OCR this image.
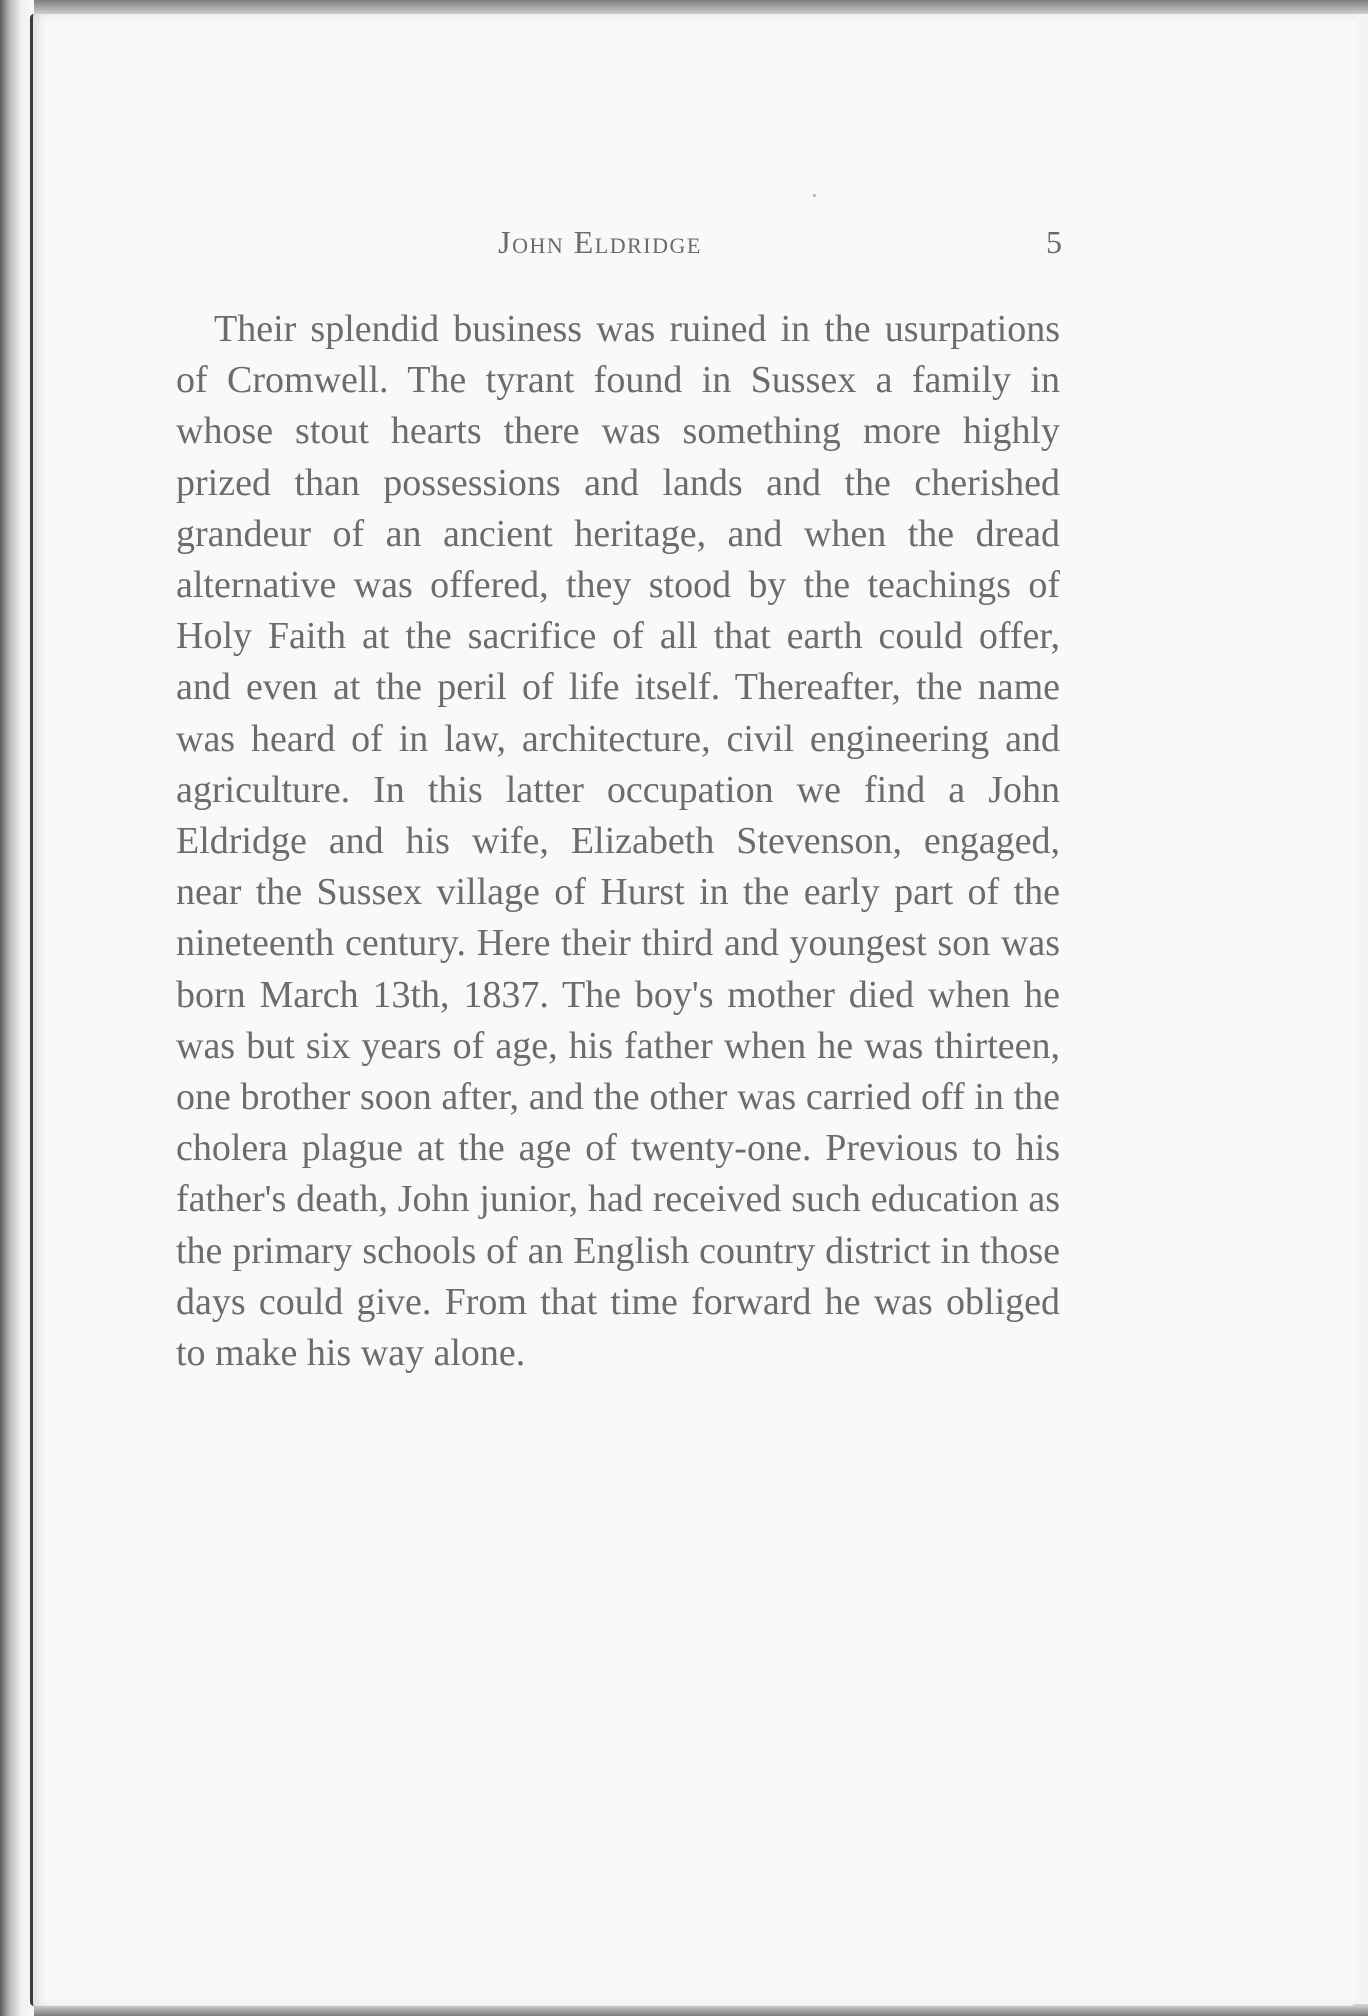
John Eldridge	5

Their splendid business was ruined in the usurpations of Cromwell. The tyrant found in Sussex a family in whose stout hearts there was something more highly prized than possessions and lands and the cherished grandeur of an ancient heritage, and when the dread alternative was offered, they stood by the teachings of Holy Faith at the sacrifice of all that earth could offer, and even at the peril of life itself. Thereafter, the name was heard of in law, architecture, civil engineering and agriculture. In this latter occupation we find a John Eldridge and his wife, Elizabeth Stevenson, engaged, near the Sussex village of Hurst in the early part of the nineteenth century. Here their third and youngest son was born March 13th, 1837. The boy's mother died when he was but six years of age, his father when he was thirteen, one brother soon after, and the other was carried off in the cholera plague at the age of twenty-one. Previous to his father's death, John junior, had received such education as the primary schools of an English country district in those days could give. From that time forward he was obliged to make his way alone.
